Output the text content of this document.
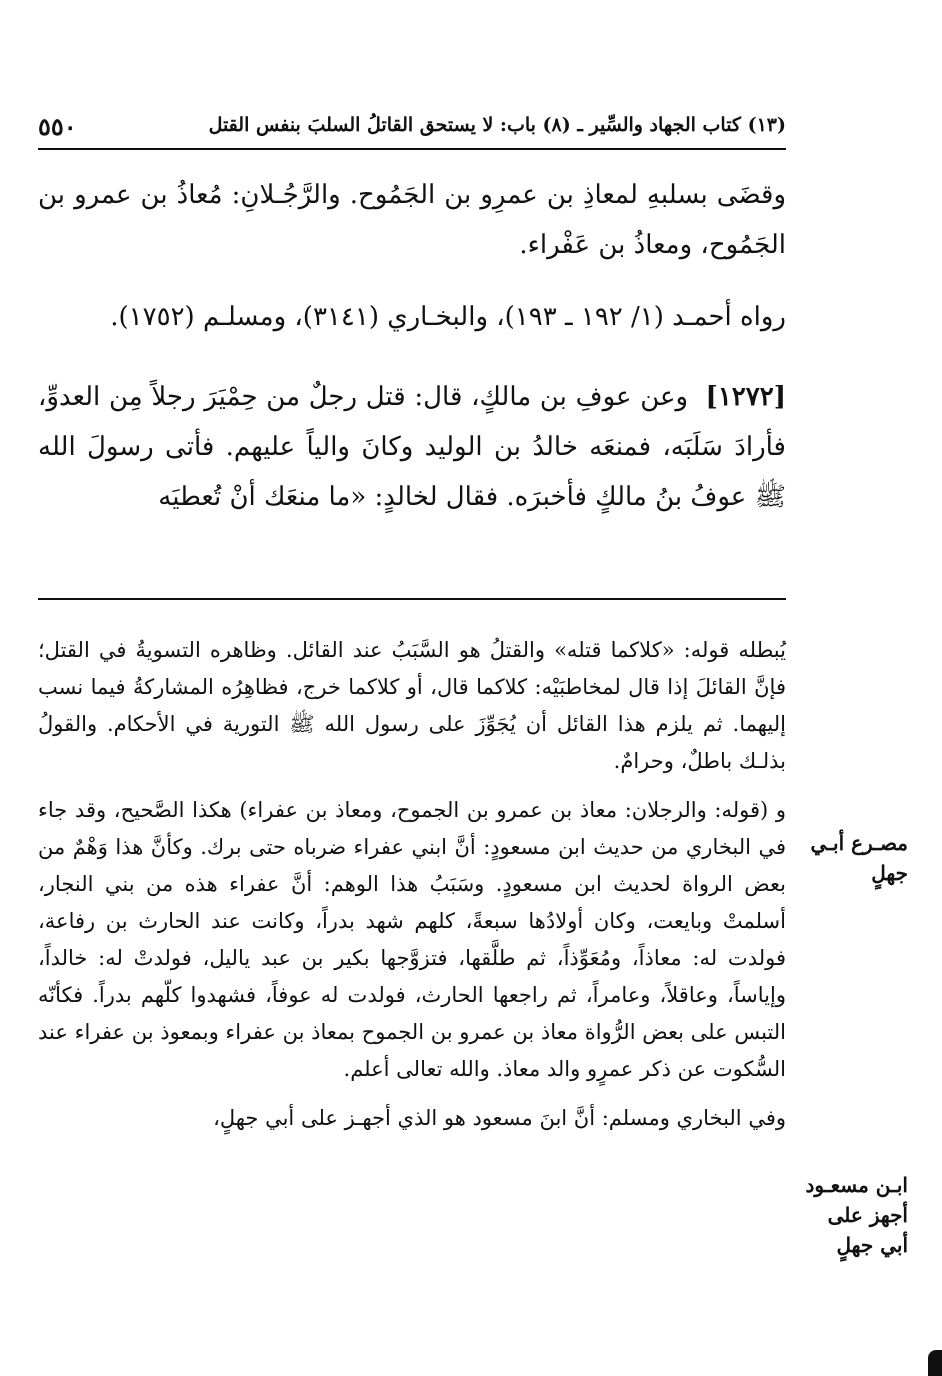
٥٥٠	(١٣) كتاب الجهاد والسِّير ـ (٨) باب: لا يستحق القاتلُ السلبَ بنفس القتل

وقضَى بسلبهِ لمعاذِ بن عمرِو بن الجَمُوح. والرَّجُـلانِ: مُعاذُ بن عمرو بن الجَمُوح، ومعاذُ بن عَفْراء.

رواه أحمـد (١/ ١٩٢ ـ ١٩٣)، والبخـاري (٣١٤١)، ومسلـم (١٧٥٢).

[١٢٧٢]  وعن عوفِ بن مالكٍ، قال: قتل رجلٌ من حِمْيَرَ رجلاً مِن العدوِّ، فأرادَ سَلَبَه، فمنعَه خالدُ بن الوليد وكانَ والياً عليهم. فأتى رسولَ الله ﷺ عوفُ بنُ مالكٍ فأخبرَه. فقال لخالدٍ: «ما منعَك أنْ تُعطيَه

يُبطله قوله: «كلاكما قتله» والقتلُ هو السَّبَبُ عند القائل. وظاهره التسويةُ في القتل؛ فإنَّ القائلَ إذا قال لمخاطبَيْه: كلاكما قال، أو كلاكما خرج، فظاهِرُه المشاركةُ فيما نسب إليهما. ثم يلزم هذا القائل أن يُجَوِّزَ على رسول الله ﷺ التورية في الأحكام. والقولُ بذلـك باطلٌ، وحرامٌ.

و (قوله: والرجلان: معاذ بن عمرو بن الجموح، ومعاذ بن عفراء) هكذا الصَّحيح، وقد جاء في البخاري من حديث ابن مسعودٍ: أنَّ ابني عفراء ضرباه حتى برك. وكأنَّ هذا وَهْمٌ من بعض الرواة لحديث ابن مسعودٍ. وسَبَبُ هذا الوهم: أنَّ عفراء هذه من بني النجار، أسلمتْ وبايعت، وكان أولادُها سبعةً، كلهم شهد بدراً، وكانت عند الحارث بن رفاعة، فولدت له: معاذاً، ومُعَوِّذاً، ثم طلَّقها، فتزوَّجها بكير بن عبد ياليل، فولدتْ له: خالداً، وإياساً، وعاقلاً، وعامراً، ثم راجعها الحارث، فولدت له عوفاً، فشهدوا كلّهم بدراً. فكأنّه التبس على بعض الرُّواة معاذ بن عمرو بن الجموح بمعاذ بن عفراء وبمعوذ بن عفراء عند السُّكوت عن ذكر عمرٍو والد معاذ. والله تعالى أعلم.

وفي البخاري ومسلم: أنَّ ابنَ مسعود هو الذي أجهـز على أبي جهلٍ،

مصـرع أبـي جهلٍ
ابـن مسعـود أجهز على أبي جهلٍ
